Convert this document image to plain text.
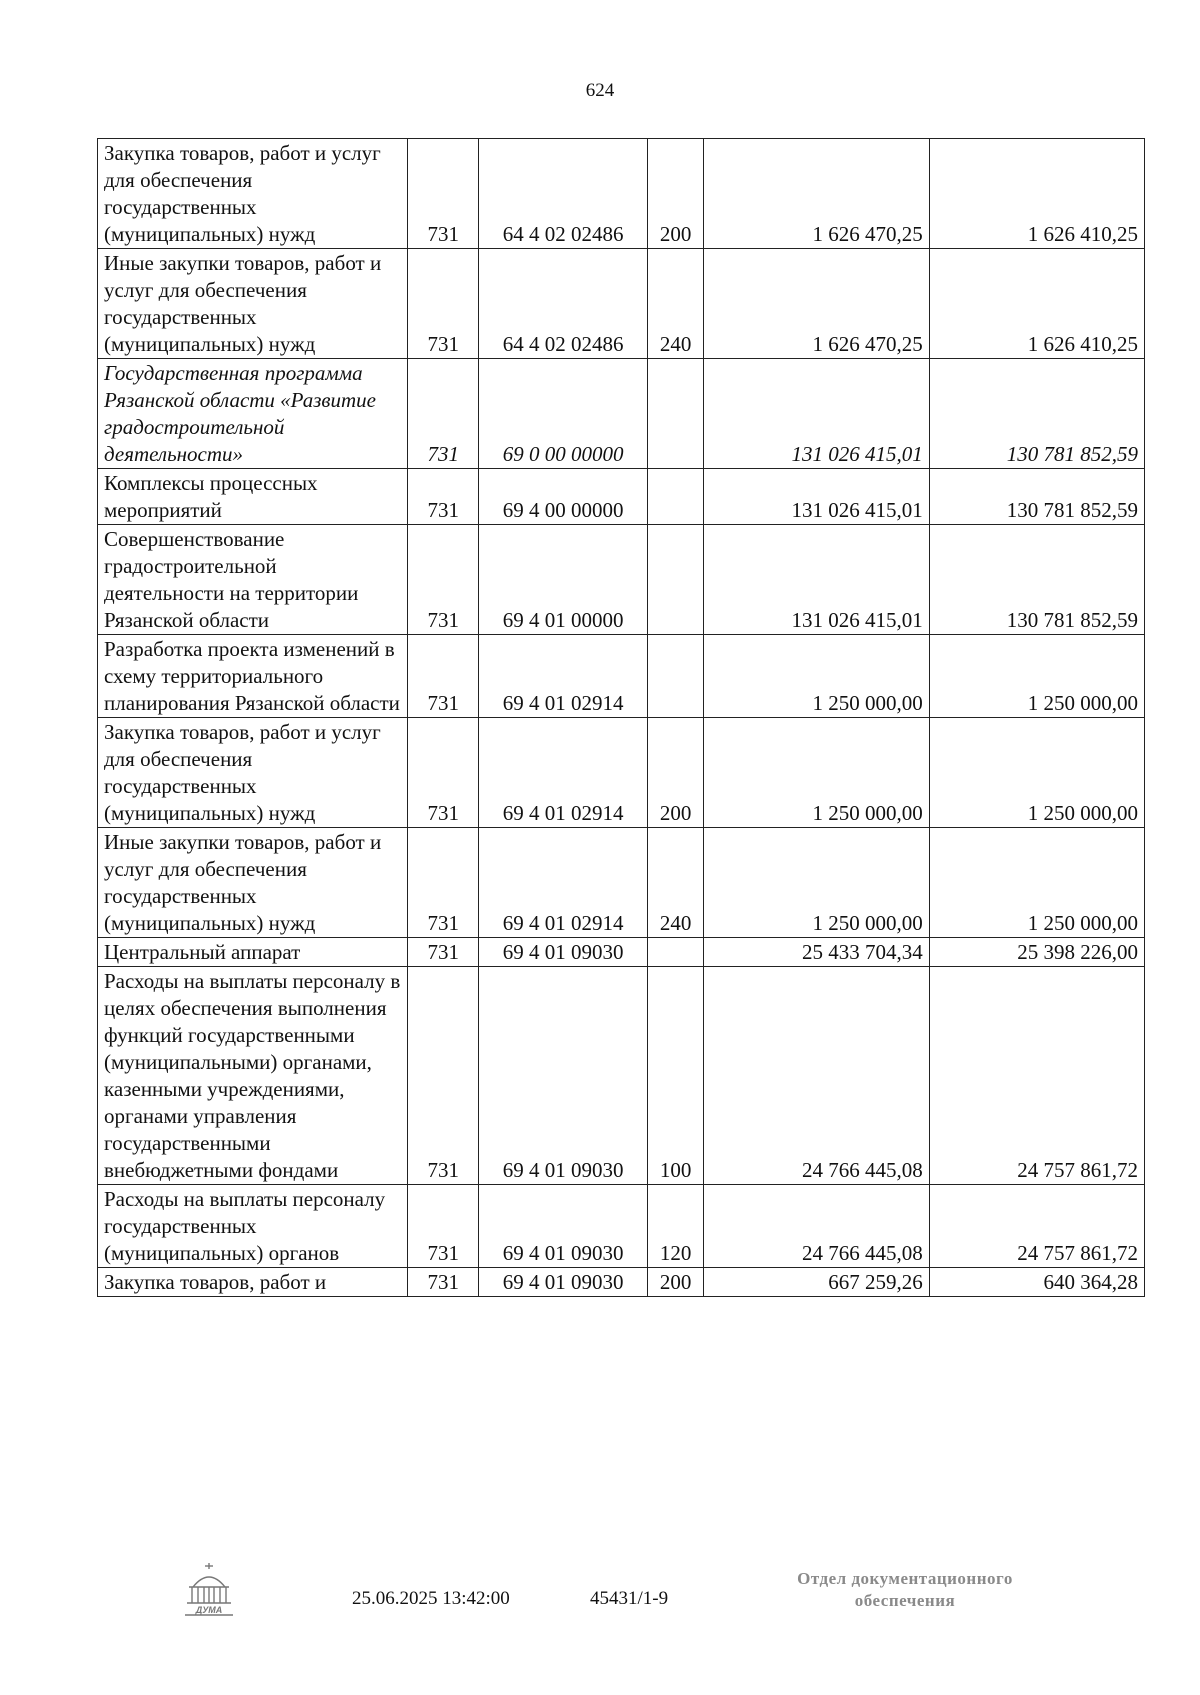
624
Закупка товаров, работ и услуг для обеспечения государственных (муниципальных) нужд	731	64 4 02 02486	200	1 626 470,25	1 626 410,25
Иные закупки товаров, работ и услуг для обеспечения государственных (муниципальных) нужд	731	64 4 02 02486	240	1 626 470,25	1 626 410,25
Государственная программа Рязанской области «Развитие градостроительной деятельности»	731	69 0 00 00000		131 026 415,01	130 781 852,59
Комплексы процессных мероприятий	731	69 4 00 00000		131 026 415,01	130 781 852,59
Совершенствование градостроительной деятельности на территории Рязанской области	731	69 4 01 00000		131 026 415,01	130 781 852,59
Разработка проекта изменений в схему территориального планирования Рязанской области	731	69 4 01 02914		1 250 000,00	1 250 000,00
Закупка товаров, работ и услуг для обеспечения государственных (муниципальных) нужд	731	69 4 01 02914	200	1 250 000,00	1 250 000,00
Иные закупки товаров, работ и услуг для обеспечения государственных (муниципальных) нужд	731	69 4 01 02914	240	1 250 000,00	1 250 000,00
Центральный аппарат	731	69 4 01 09030		25 433 704,34	25 398 226,00
Расходы на выплаты персоналу в целях обеспечения выполнения функций государственными (муниципальными) органами, казенными учреждениями, органами управления государственными внебюджетными фондами	731	69 4 01 09030	100	24 766 445,08	24 757 861,72
Расходы на выплаты персоналу государственных (муниципальных) органов	731	69 4 01 09030	120	24 766 445,08	24 757 861,72
Закупка товаров, работ и	731	69 4 01 09030	200	667 259,26	640 364,28
ДУМА
25.06.2025 13:42:00	45431/1-9
Отдел документационного
обеспечения
